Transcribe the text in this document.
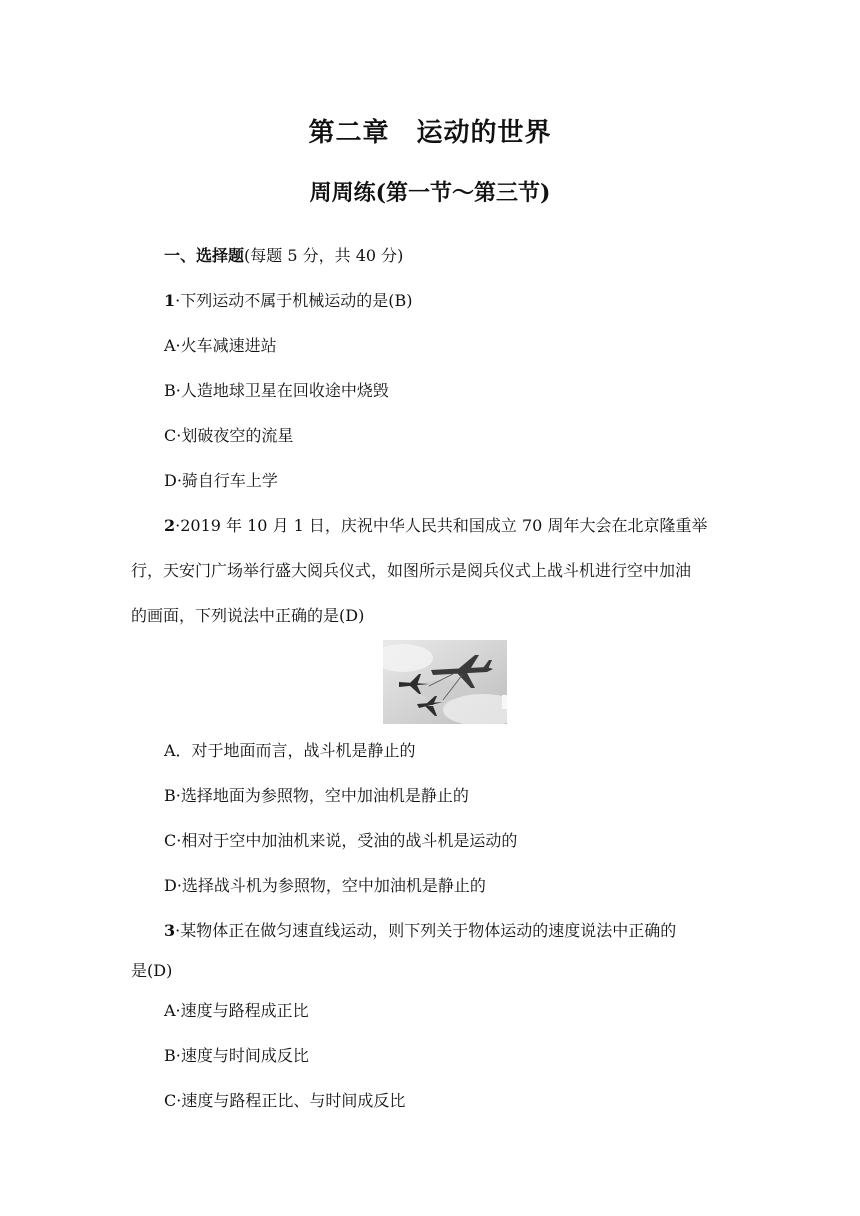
第二章　运动的世界
周周练(第一节～第三节)
一、选择题(每题 5 分，共 40 分)
1·下列运动不属于机械运动的是(B)
A·火车减速进站
B·人造地球卫星在回收途中烧毁
C·划破夜空的流星
D·骑自行车上学
2·2019 年 10 月 1 日，庆祝中华人民共和国成立 70 周年大会在北京隆重举
行，天安门广场举行盛大阅兵仪式，如图所示是阅兵仪式上战斗机进行空中加油
的画面，下列说法中正确的是(D)
A．对于地面而言，战斗机是静止的
B·选择地面为参照物，空中加油机是静止的
C·相对于空中加油机来说，受油的战斗机是运动的
D·选择战斗机为参照物，空中加油机是静止的
3·某物体正在做匀速直线运动，则下列关于物体运动的速度说法中正确的
是(D)
A·速度与路程成正比
B·速度与时间成反比
C·速度与路程正比、与时间成反比
